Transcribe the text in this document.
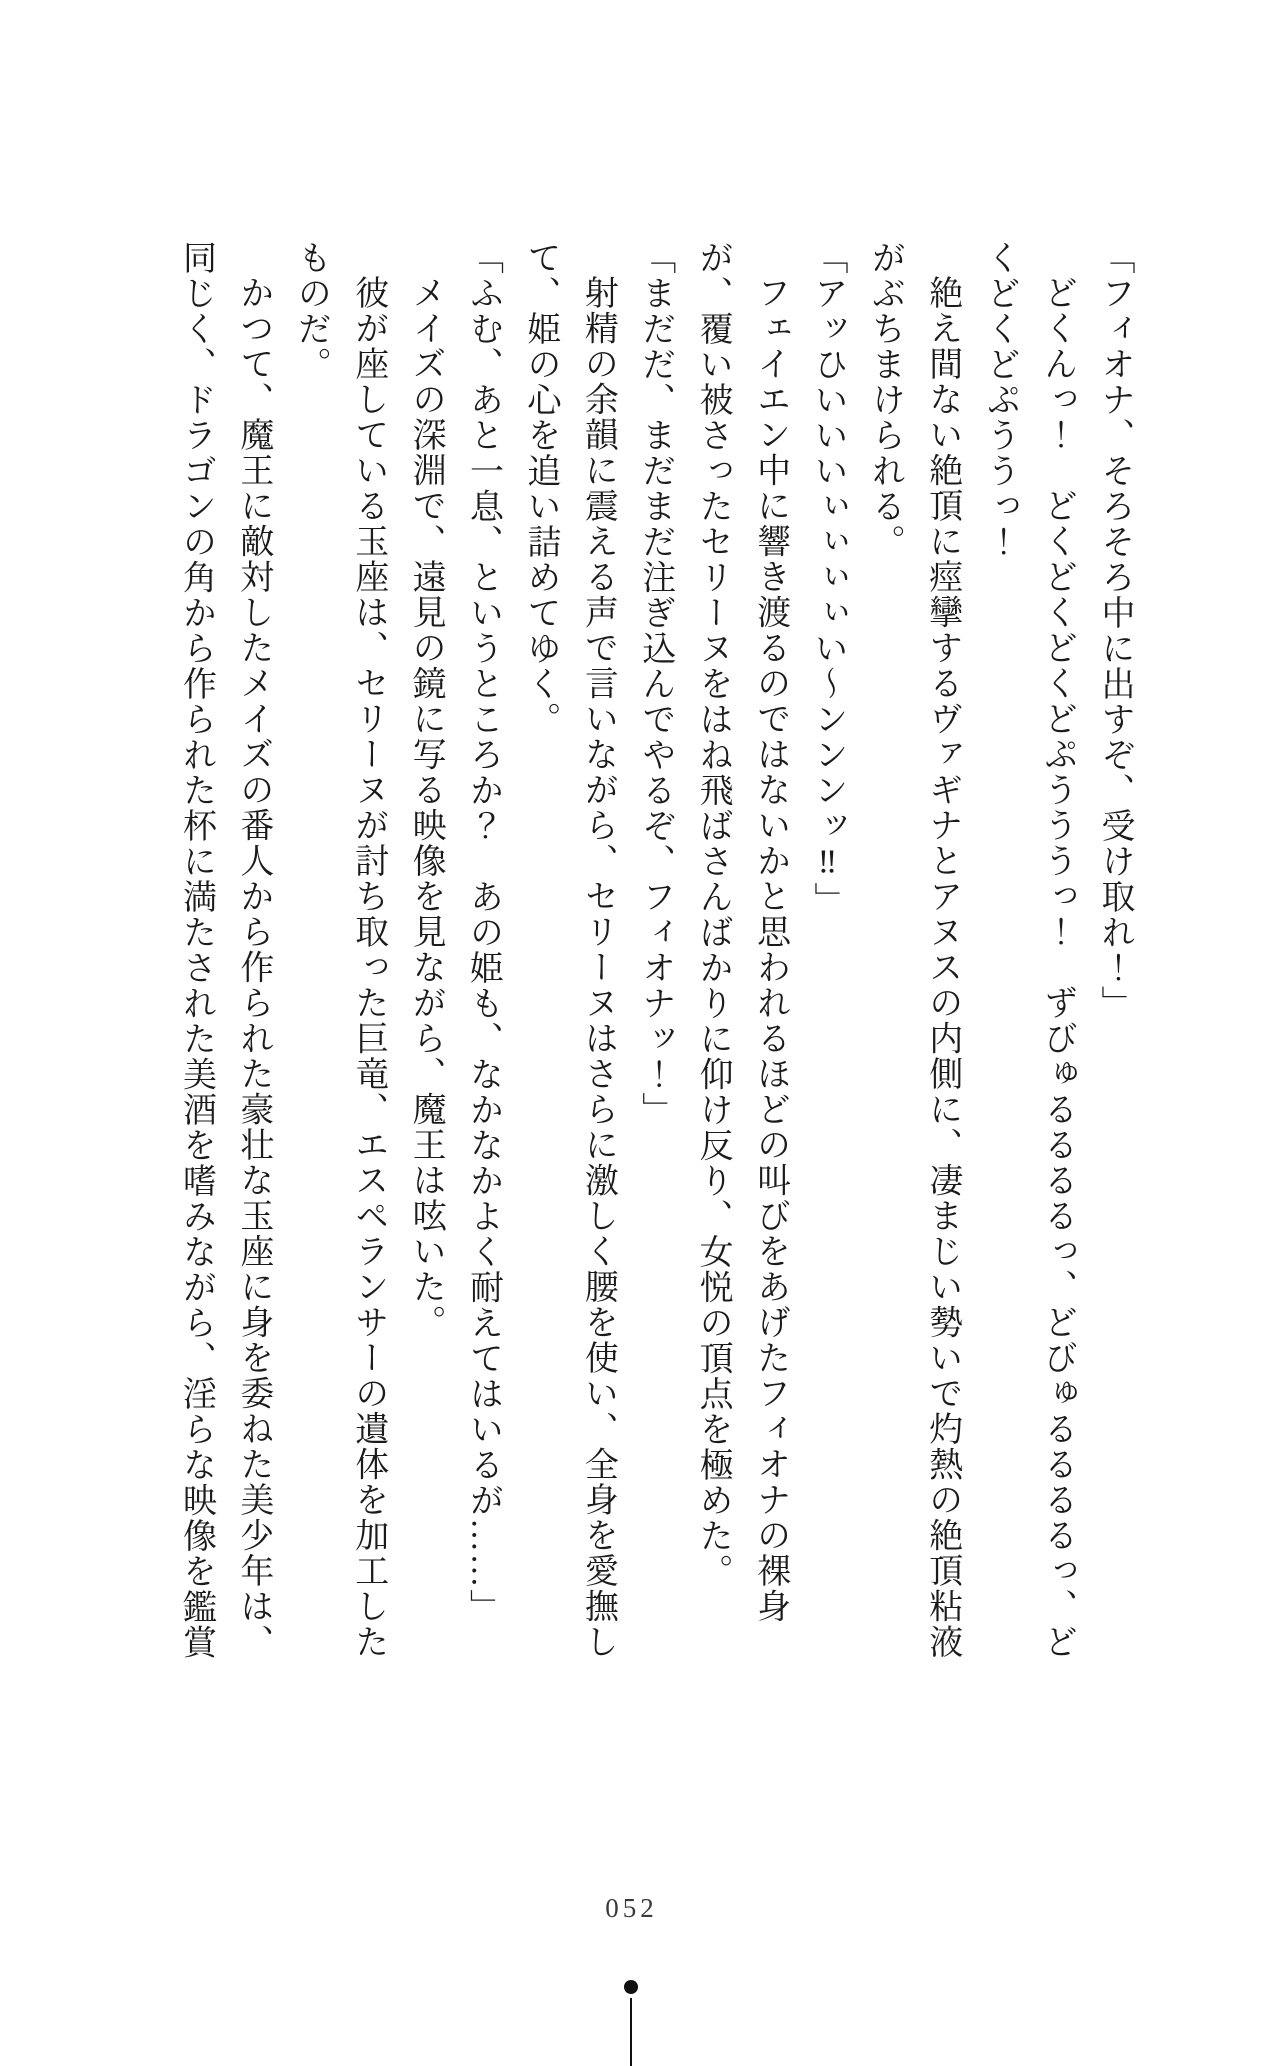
「フィオナ、そろそろ中に出すぞ、受け取れ！」

どくんっ！　どくどくどくどぷうううっ！　ずびゅるるるるっ、どびゅるるるるっ、どくどくどぷううっ！

絶え間ない絶頂に痙攣するヴァギナとアヌスの内側に、凄まじい勢いで灼熱の絶頂粘液がぶちまけられる。

「アッひいいいぃぃぃぃい〜ンンンッ‼」

フェイエン中に響き渡るのではないかと思われるほどの叫びをあげたフィオナの裸身が、覆い被さったセリーヌをはね飛ばさんばかりに仰け反り、女悦の頂点を極めた。

「まだだ、まだまだ注ぎ込んでやるぞ、フィオナッ！」

射精の余韻に震える声で言いながら、セリーヌはさらに激しく腰を使い、全身を愛撫して、姫の心を追い詰めてゆく。

「ふむ、あと一息、というところか？　あの姫も、なかなかよく耐えてはいるが……」

メイズの深淵で、遠見の鏡に写る映像を見ながら、魔王は呟いた。

彼が座している玉座は、セリーヌが討ち取った巨竜、エスペランサーの遺体を加工したものだ。

かつて、魔王に敵対したメイズの番人から作られた豪壮な玉座に身を委ねた美少年は、同じく、ドラゴンの角から作られた杯に満たされた美酒を嗜みながら、淫らな映像を鑑賞

052
